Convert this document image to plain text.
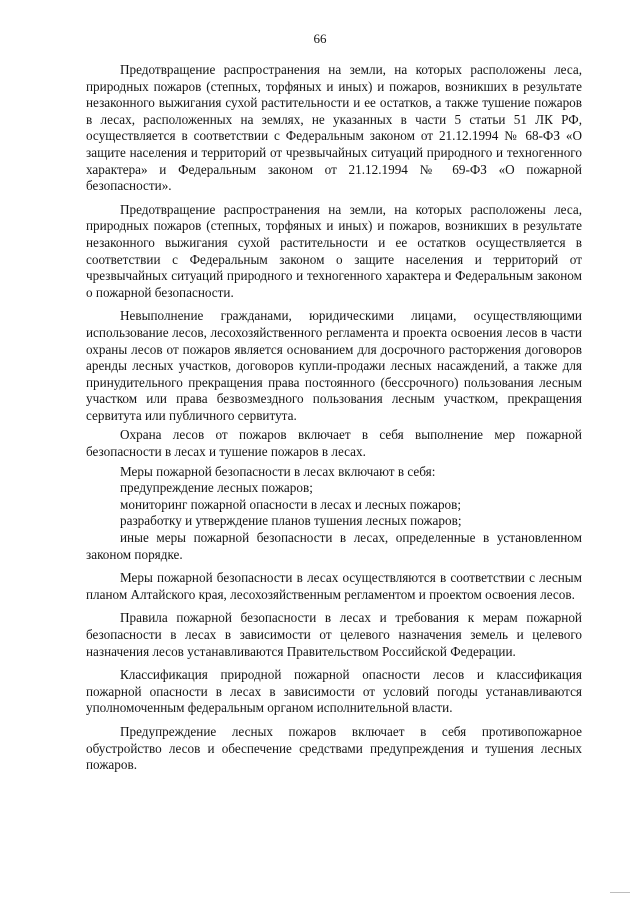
66

Предотвращение распространения на земли, на которых расположены леса, природных пожаров (степных, торфяных и иных) и пожаров, возникших в результате незаконного выжигания сухой растительности и ее остатков, а также тушение пожаров в лесах, расположенных на землях, не указанных в части 5 статьи 51 ЛК РФ, осуществляется в соответствии с Федеральным законом от 21.12.1994 № 68-ФЗ «О защите населения и территорий от чрезвычайных ситуаций природного и техногенного характера» и Федеральным законом от 21.12.1994 № 69-ФЗ «О пожарной безопасности».

Предотвращение распространения на земли, на которых расположены леса, природных пожаров (степных, торфяных и иных) и пожаров, возникших в результате незаконного выжигания сухой растительности и ее остатков осуществляется в соответствии с Федеральным законом о защите населения и территорий от чрезвычайных ситуаций природного и техногенного характера и Федеральным законом о пожарной безопасности.

Невыполнение гражданами, юридическими лицами, осуществляющими использование лесов, лесохозяйственного регламента и проекта освоения лесов в части охраны лесов от пожаров является основанием для досрочного расторжения договоров аренды лесных участков, договоров купли-продажи лесных насаждений, а также для принудительного прекращения права постоянного (бессрочного) пользования лесным участком или права безвозмездного пользования лесным участком, прекращения сервитута или публичного сервитута.

Охрана лесов от пожаров включает в себя выполнение мер пожарной безопасности в лесах и тушение пожаров в лесах.

Меры пожарной безопасности в лесах включают в себя:

предупреждение лесных пожаров;

мониторинг пожарной опасности в лесах и лесных пожаров;

разработку и утверждение планов тушения лесных пожаров;

иные меры пожарной безопасности в лесах, определенные в установленном законом порядке.

Меры пожарной безопасности в лесах осуществляются в соответствии с лесным планом Алтайского края, лесохозяйственным регламентом и проектом освоения лесов.

Правила пожарной безопасности в лесах и требования к мерам пожарной безопасности в лесах в зависимости от целевого назначения земель и целевого назначения лесов устанавливаются Правительством Российской Федерации.

Классификация природной пожарной опасности лесов и классификация пожарной опасности в лесах в зависимости от условий погоды устанавливаются уполномоченным федеральным органом исполнительной власти.

Предупреждение лесных пожаров включает в себя противопожарное обустройство лесов и обеспечение средствами предупреждения и тушения лесных пожаров.
